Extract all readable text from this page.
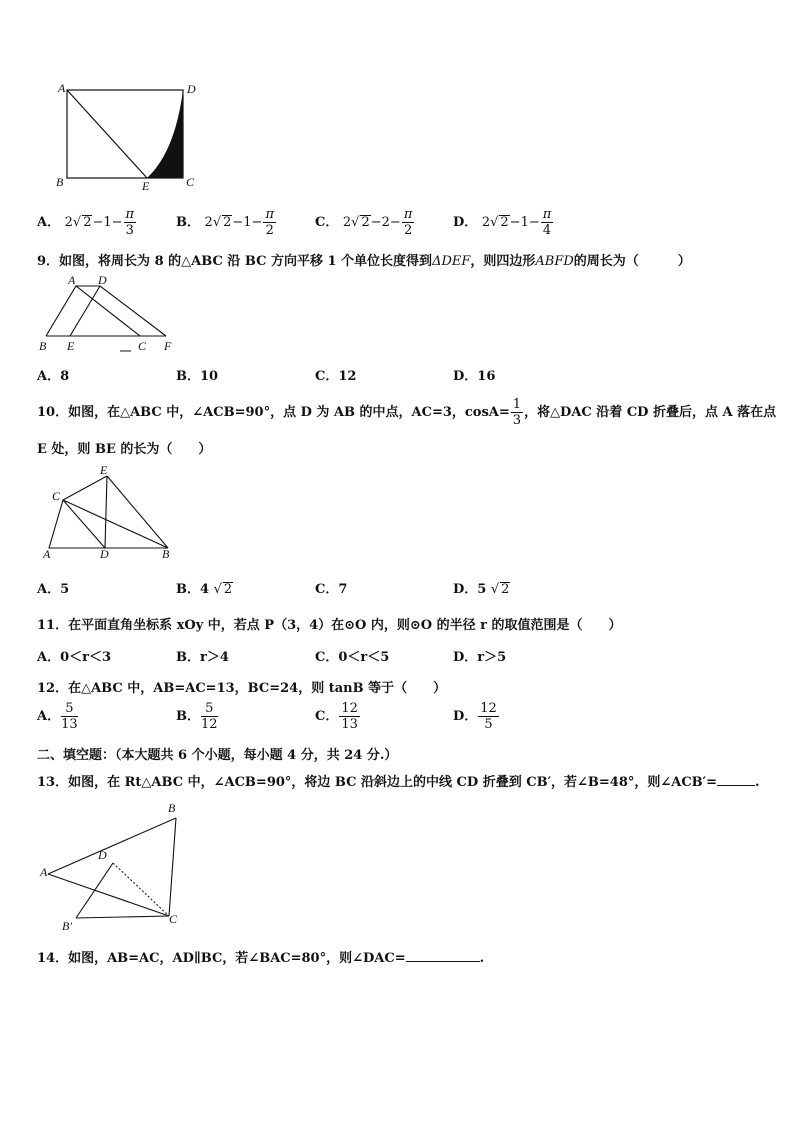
A	D
B	E	C
A． 2√ $2-1- \frac{\pi}{3}$	B． 2√ $2-1- \frac{\pi}{2}$	C． 2√ $2-2- \frac{\pi}{2}$	D． 2√ $2-1- \frac{\pi}{4}$
9．如图，将周长为 8 的△ABC 沿 BC 方向平移 1 个单位长度得到ΔDEF，则四边形ABFD的周长为（　　　）
A D
B E	C F
A．8	B．10	C．12	D．16
10．如图，在△ABC 中，∠ACB=90°，点 D 为 AB 的中点，AC=3，$\cos A= \frac{1}{3}$ ，将△DAC 沿着 CD 折叠后，点 A 落在点
E 处，则 BE 的长为（　　）
E
C
A	D	B
A．5	B．4 √ 2	C．7	D．5 √ 2
11．在平面直角坐标系 xOy 中，若点 P（3，4）在⊙O 内，则⊙O 的半径 r 的取值范围是（　　）
A．0＜r＜3	B．r＞4	C．0＜r＜5	D．r＞5
12．在△ABC 中，AB=AC=13，BC=24，则 tanB 等于（　　）
A． $\frac{5}{13}$	B． $\frac{5}{12}$	C． $\frac{12}{13}$	D． $\frac{12}{5}$
二、填空题：（本大题共 6 个小题，每小题 4 分，共 24 分.）
13．如图，在 Rt△ABC 中，∠ACB=90°，将边 BC 沿斜边上的中线 CD 折叠到 CB′，若∠B=48°，则∠ACB′=	.
B
D
A
C
B′
14．如图，AB=AC，AD∥BC，若∠BAC=80°，则∠DAC=	.
